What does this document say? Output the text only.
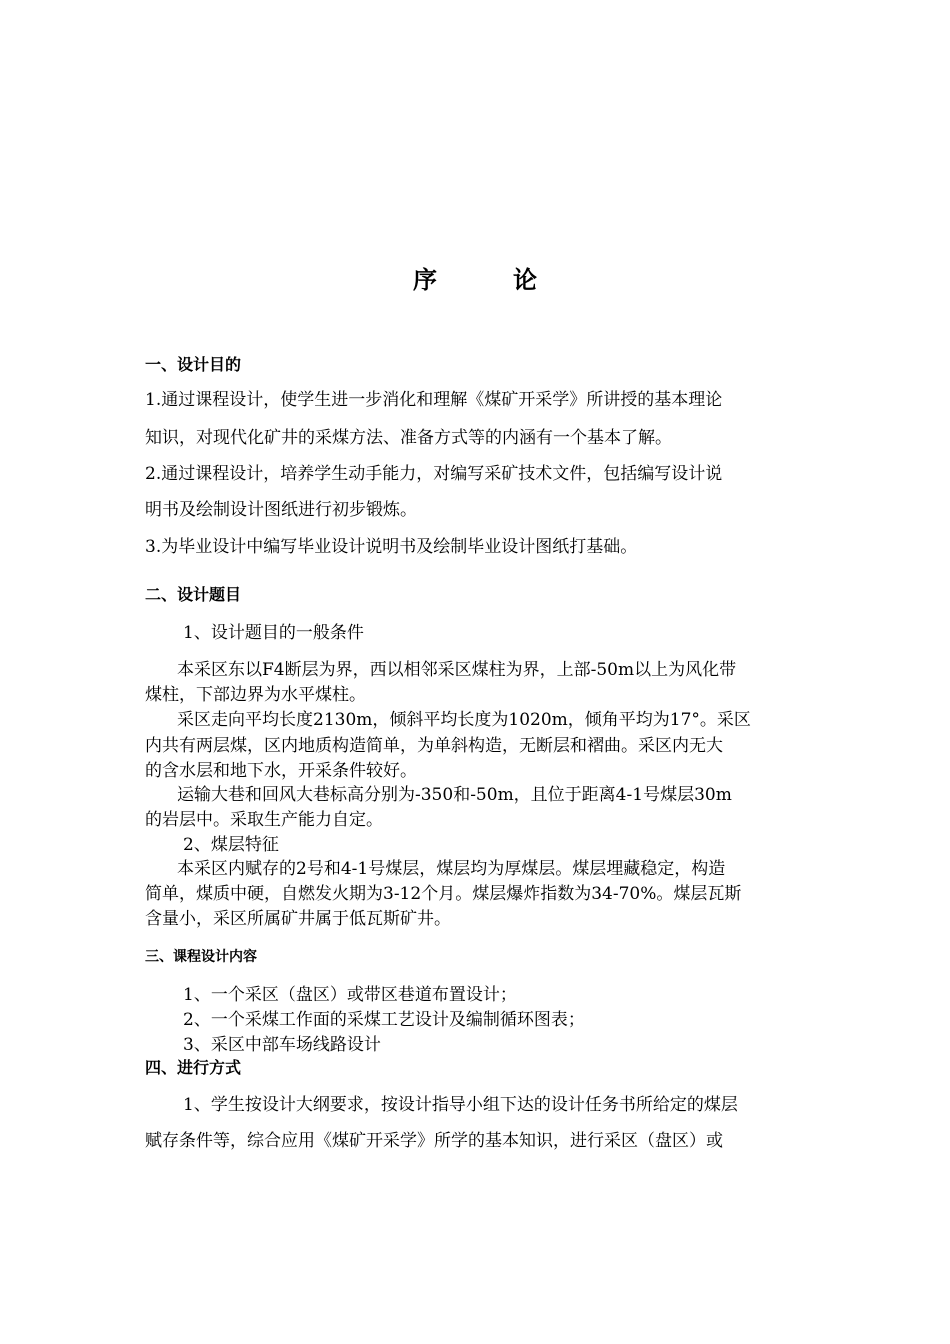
序　论
一、设计目的
1.通过课程设计，使学生进一步消化和理解《煤矿开采学》所讲授的基本理论
知识，对现代化矿井的采煤方法、准备方式等的内涵有一个基本了解。
2.通过课程设计，培养学生动手能力，对编写采矿技术文件，包括编写设计说
明书及绘制设计图纸进行初步锻炼。
3.为毕业设计中编写毕业设计说明书及绘制毕业设计图纸打基础。
二、设计题目
1、设计题目的一般条件
本采区东以F4断层为界，西以相邻采区煤柱为界，上部-50m以上为风化带
煤柱，下部边界为水平煤柱。
采区走向平均长度2130m，倾斜平均长度为1020m，倾角平均为17°。采区
内共有两层煤，区内地质构造简单，为单斜构造，无断层和褶曲。采区内无大
的含水层和地下水，开采条件较好。
运输大巷和回风大巷标高分别为-350和-50m，且位于距离4-1号煤层30m
的岩层中。采取生产能力自定。
2、煤层特征
本采区内赋存的2号和4-1号煤层，煤层均为厚煤层。煤层埋藏稳定，构造
简单，煤质中硬，自燃发火期为3-12个月。煤层爆炸指数为34-70%。煤层瓦斯
含量小，采区所属矿井属于低瓦斯矿井。
三、课程设计内容
1、一个采区（盘区）或带区巷道布置设计；
2、一个采煤工作面的采煤工艺设计及编制循环图表；
3、采区中部车场线路设计
四、进行方式
1、学生按设计大纲要求，按设计指导小组下达的设计任务书所给定的煤层
赋存条件等，综合应用《煤矿开采学》所学的基本知识，进行采区（盘区）或
